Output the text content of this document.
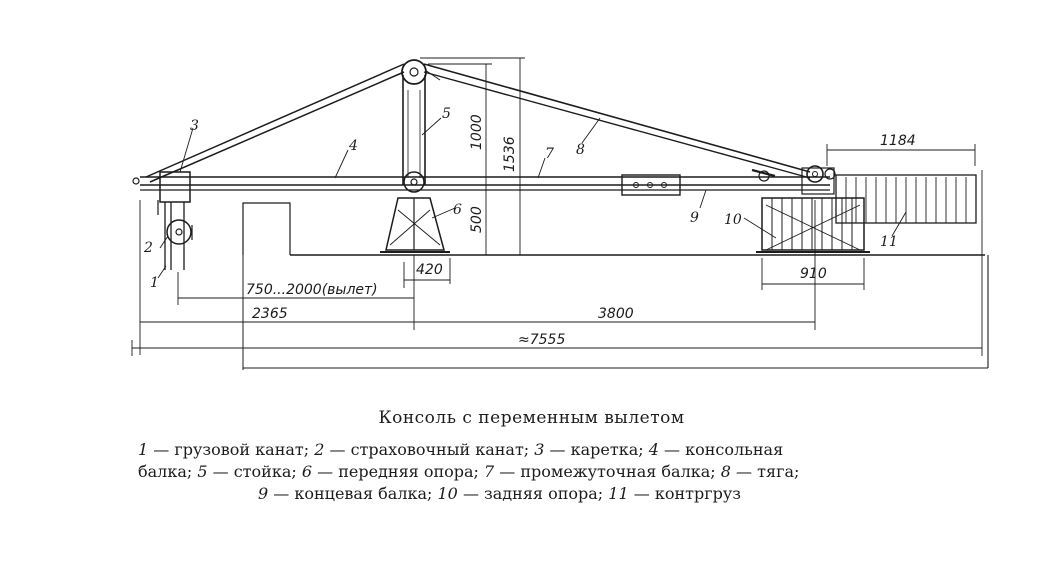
1
2
3
4
5
6
7 8
9 10
11
1184
1000
1536
500
420	910
750...2000(вылет)
2365	3800
≈7555
Консоль с переменным вылетом
1 — грузовой канат; 2 — страховочный канат; 3 — каретка; 4 — консольная
балка; 5 — стойка; 6 — передняя опора; 7 — промежуточная балка; 8 — тяга;
9 — концевая балка; 10 — задняя опора; 11 — контргруз
